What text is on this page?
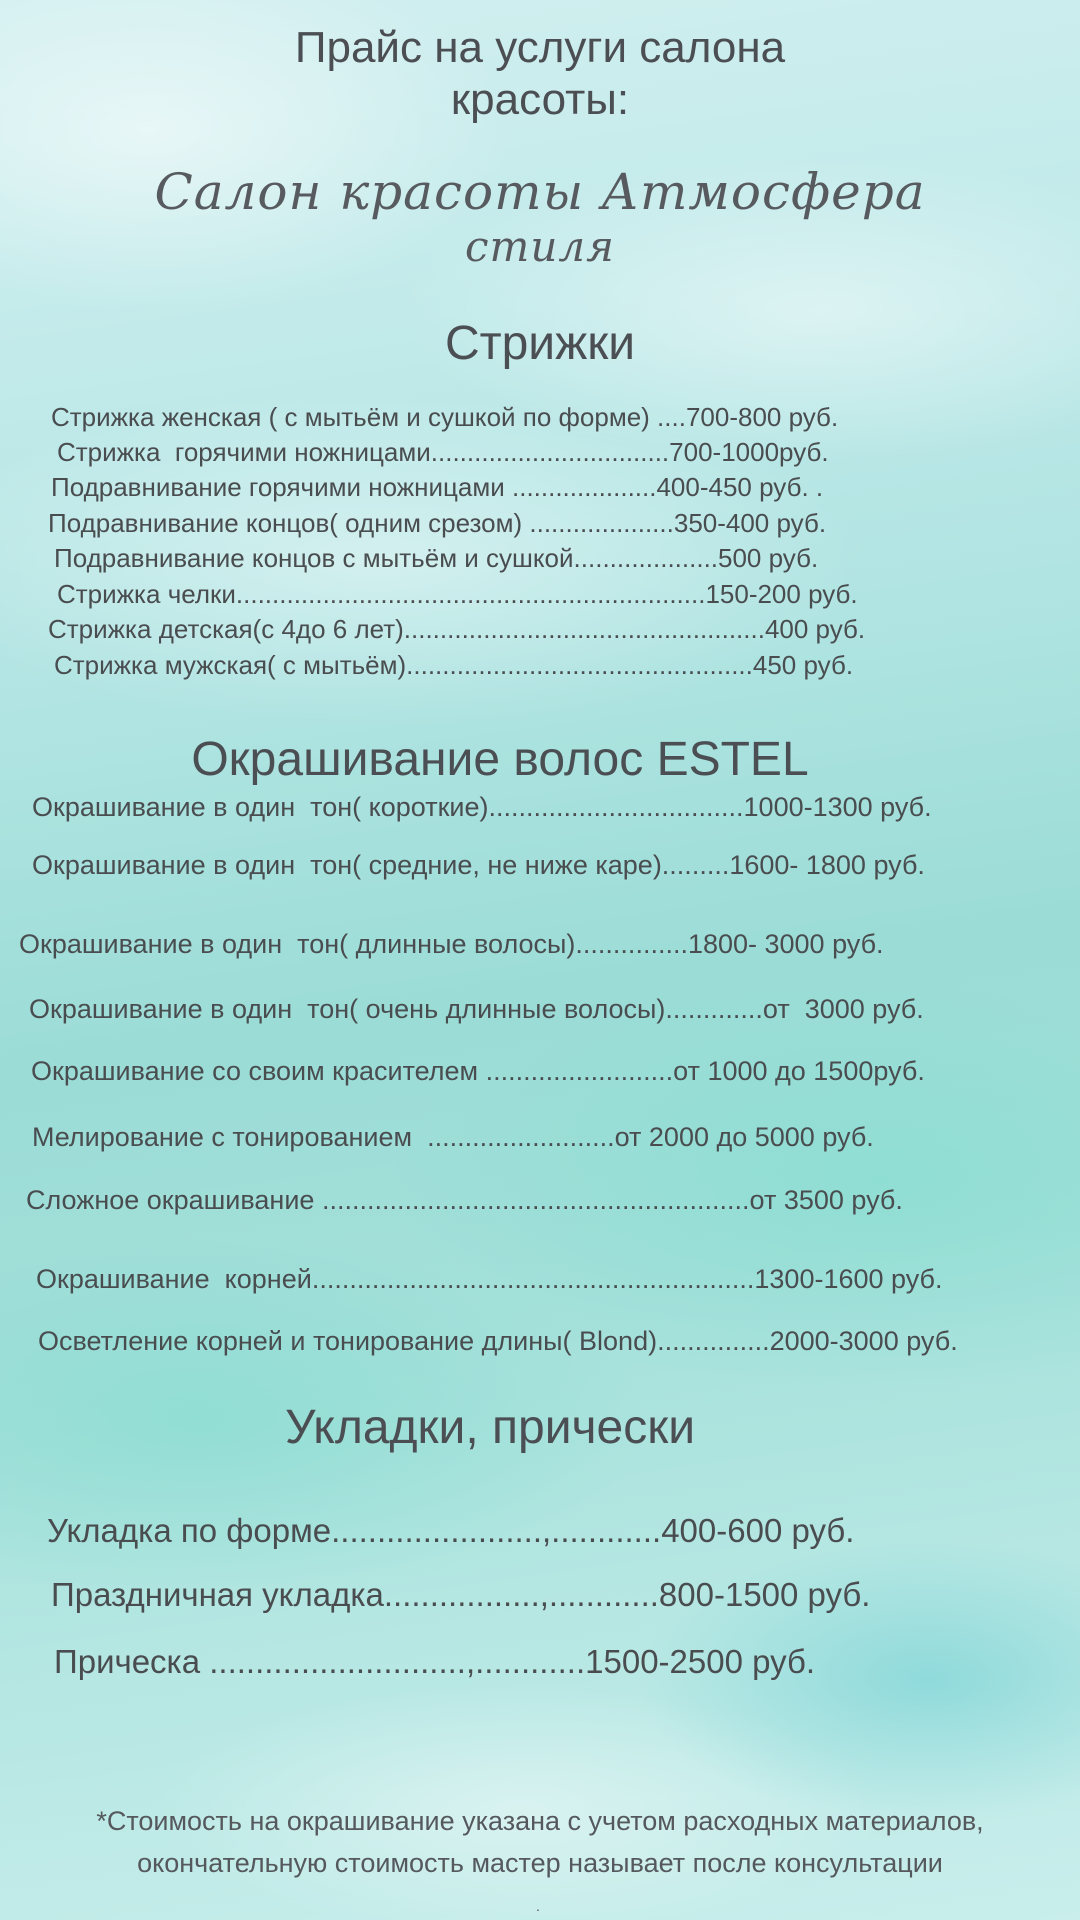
Прайс на услуги салона
красоты:
Салон красоты Атмосфера
стиля
Стрижки
Стрижка женская ( с мытьём и сушкой по форме) ....700-800 руб.
Стрижка  горячими ножницами.................................700-1000руб.
Подравнивание горячими ножницами ....................400-450 руб. .
Подравнивание концов( одним срезом) ....................350-400 руб.
Подравнивание концов с мытьём и сушкой....................500 руб.
Стрижка челки.................................................................150-200 руб.
Стрижка детская(с 4до 6 лет)..................................................400 руб.
Стрижка мужская( с мытьём)................................................450 руб.
Окрашивание волос ESTEL
Окрашивание в один  тон( короткие)..................................1000-1300 руб.
Окрашивание в один  тон( средние, не ниже каре).........1600- 1800 руб.
Окрашивание в один  тон( длинные волосы)...............1800- 3000 руб.
Окрашивание в один  тон( очень длинные волосы).............от  3000 руб.
Окрашивание со своим красителем .........................от 1000 до 1500руб.
Мелирование с тонированием  .........................от 2000 до 5000 руб.
Сложное окрашивание .........................................................от 3500 руб.
Окрашивание  корней...........................................................1300-1600 руб.
Осветление корней и тонирование длины( Blond)...............2000-3000 руб.
Укладки, прически
Укладка по форме.......................,............400-600 руб.
Праздничная укладка.................,............800-1500 руб.
Прическа ............................,............1500-2500 руб.
*Стоимость на окрашивание указана с учетом расходных материалов,
окончательную стоимость мастер называет после консультации
.
